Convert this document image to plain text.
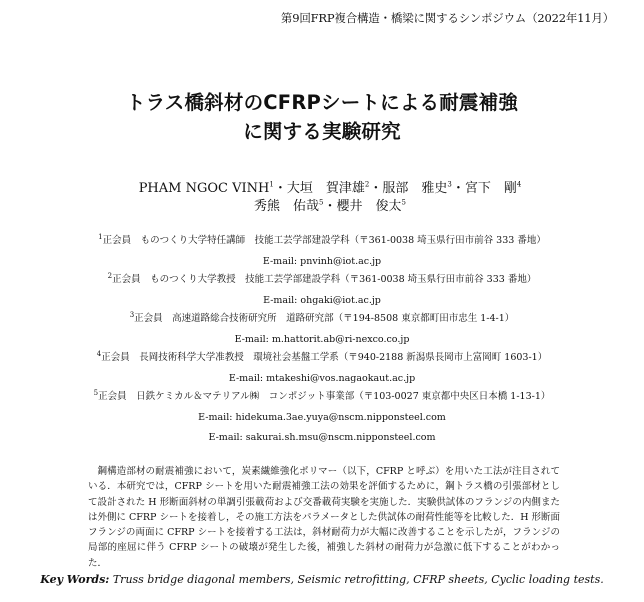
第9回FRP複合構造・橋梁に関するシンポジウム（2022年11月）
トラス橋斜材のCFRPシートによる耐震補強
に関する実験研究
PHAM NGOC VINH$^1$・大垣　賀津雄$^2$・服部　雅史$^3$・宮下　剛$^4$
秀熊　佑哉$^5$・櫻井　俊太$^5$
$^1$正会員　ものつくり大学特任講師　技能工芸学部建設学科（〒361-0038 埼玉県行田市前谷 333 番地）
E-mail: pnvinh@iot.ac.jp
$^2$正会員　ものつくり大学教授　技能工芸学部建設学科（〒361-0038 埼玉県行田市前谷 333 番地）
E-mail: ohgaki@iot.ac.jp
$^3$正会員　高速道路総合技術研究所　道路研究部（〒194-8508 東京都町田市忠生 1-4-1）
E-mail: m.hattorit.ab@ri-nexco.co.jp
$^4$正会員　長岡技術科学大学准教授　環境社会基盤工学系（〒940-2188 新潟県長岡市上富岡町 1603-1）
E-mail: mtakeshi@vos.nagaokaut.ac.jp
$^5$正会員　日鉄ケミカル＆マテリアル㈱　コンポジット事業部（〒103-0027 東京都中央区日本橋 1-13-1）
E-mail: hidekuma.3ae.yuya@nscm.nipponsteel.com
E-mail: sakurai.sh.msu@nscm.nipponsteel.com

鋼構造部材の耐震補強において，炭素繊維強化ポリマー（以下，CFRP と呼ぶ）を用いた工法が注目されている．本研究では，CFRP シートを用いた耐震補強工法の効果を評価するために，鋼トラス橋の引張部材として設計された H 形断面斜材の単調引張載荷および交番載荷実験を実施した．実験供試体のフランジの内側または外側に CFRP シートを接着し，その施工方法をパラメータとした供試体の耐荷性能等を比較した．H 形断面フランジの両面に CFRP シートを接着する工法は，斜材耐荷力が大幅に改善することを示したが，フランジの局部的座屈に伴う CFRP シートの破壊が発生した後，補強した斜材の耐荷力が急激に低下することがわかった．

Key Words: Truss bridge diagonal members, Seismic retrofitting, CFRP sheets, Cyclic loading tests.
